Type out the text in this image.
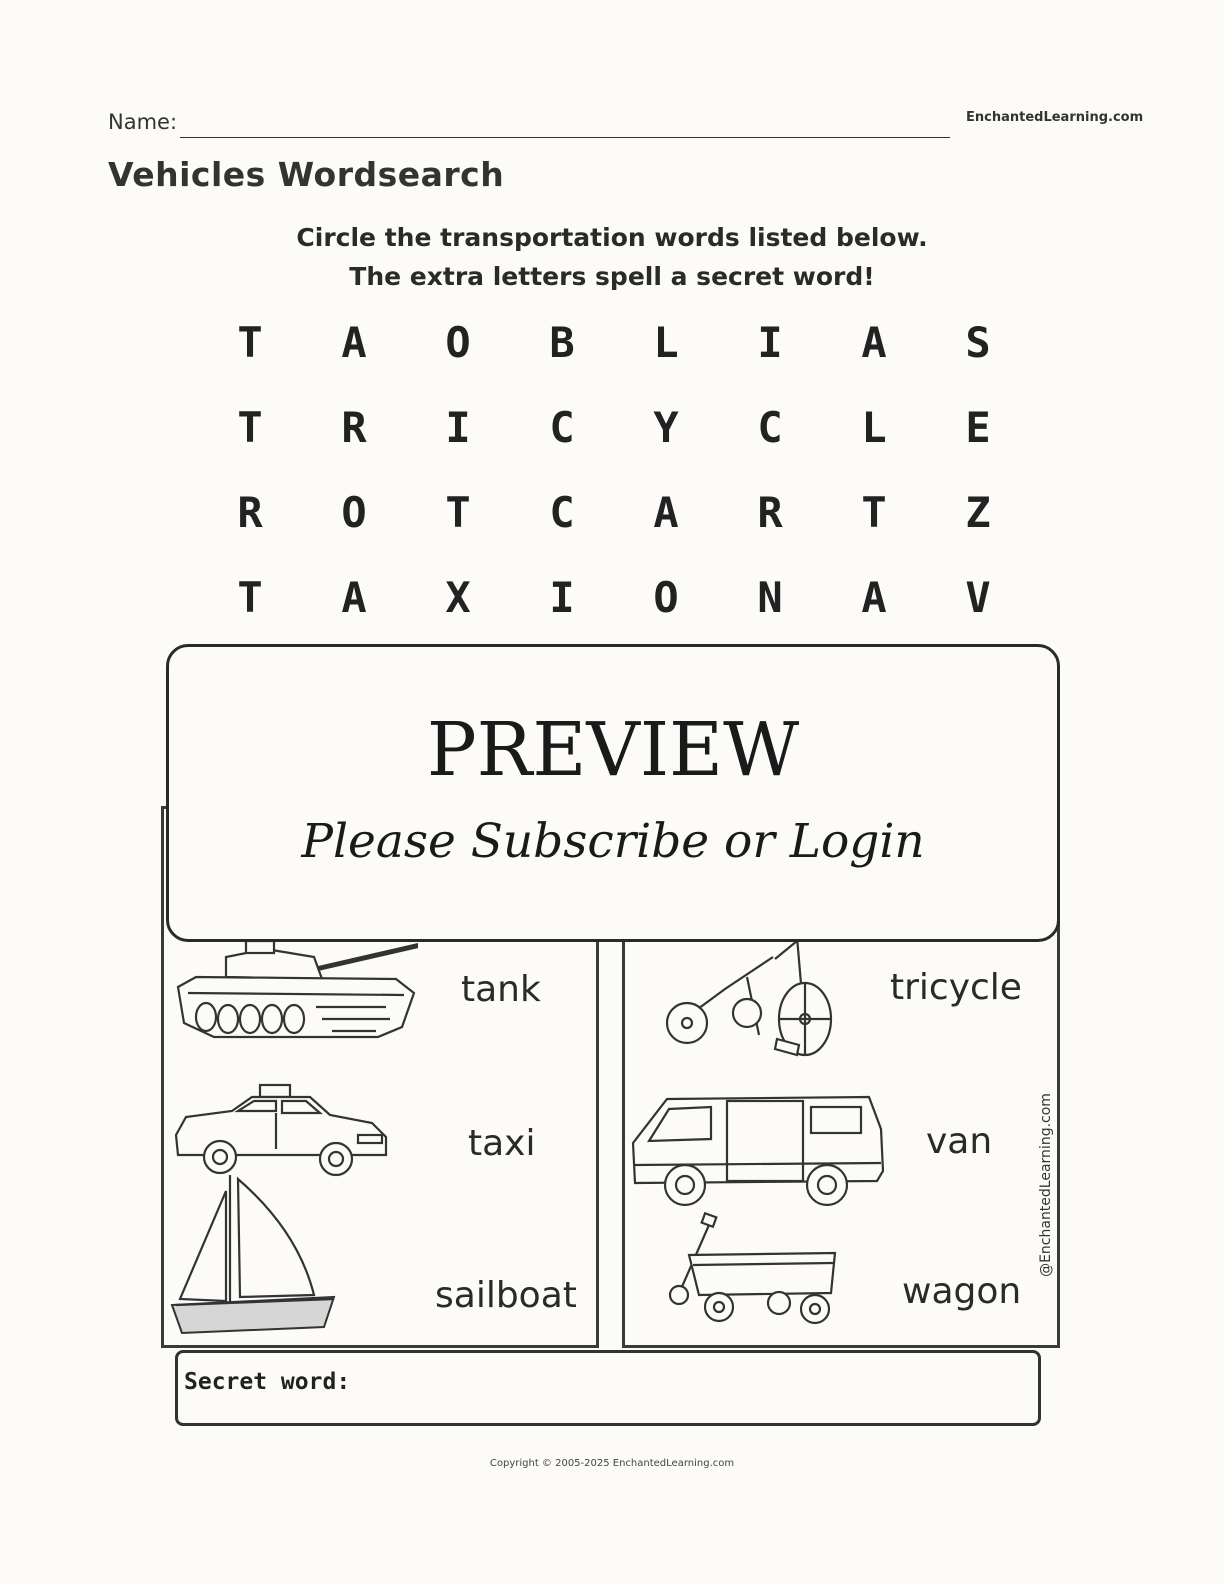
Name:	EnchantedLearning.com
Vehicles Wordsearch
Circle the transportation words listed below.
The extra letters spell a secret word!
T	A	O	B	L	I	A	S
T	R	I	C	Y	C	L	E
R	O	T	C	A	R	T	Z
T	A	X	I	O	N	A	V
tank
taxi
sailboat
tricycle
van
wagon
@EnchantedLearning.com
PREVIEW
Please Subscribe or Login
Secret word:
Copyright © 2005-2025 EnchantedLearning.com
